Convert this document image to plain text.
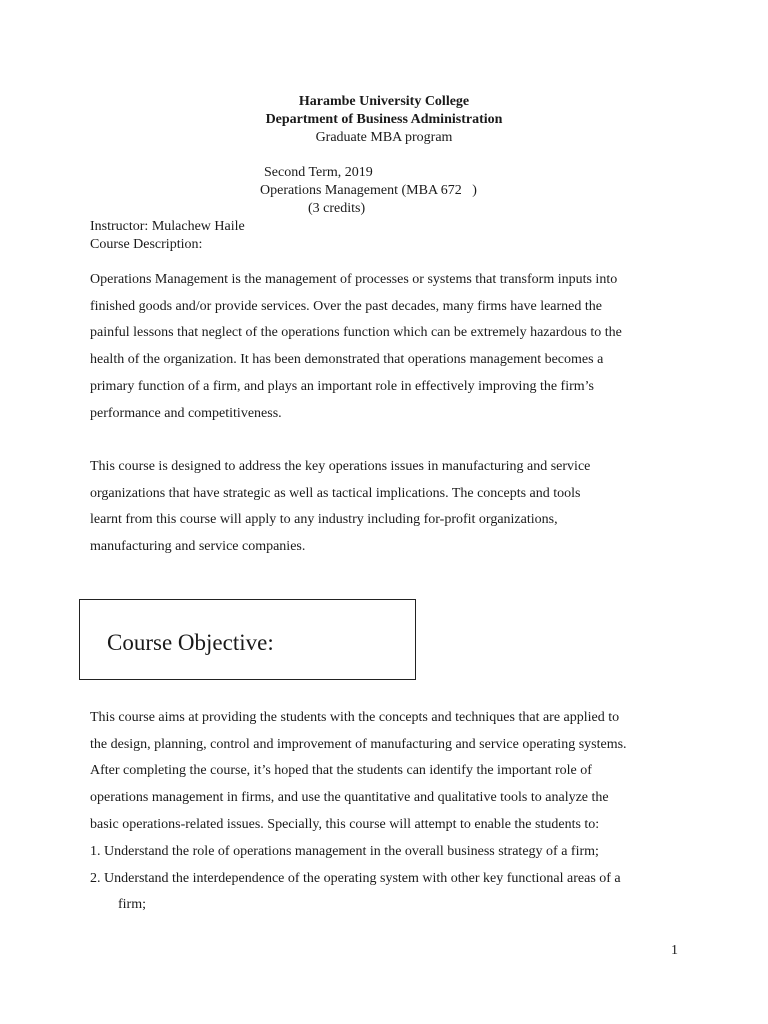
Harambe University College
Department of Business Administration
Graduate MBA program
Second Term, 2019
Operations Management (MBA 672   )
(3 credits)
Instructor: Mulachew Haile
Course Description:
Operations Management is the management of processes or systems that transform inputs into
finished goods and/or provide services. Over the past decades, many firms have learned the
painful lessons that neglect of the operations function which can be extremely hazardous to the
health of the organization. It has been demonstrated that operations management becomes a
primary function of a firm, and plays an important role in effectively improving the firm’s
performance and competitiveness.
This course is designed to address the key operations issues in manufacturing and service
organizations that have strategic as well as tactical implications. The concepts and tools
learnt from this course will apply to any industry including for-profit organizations,
manufacturing and service companies.
Course Objective:
This course aims at providing the students with the concepts and techniques that are applied to
the design, planning, control and improvement of manufacturing and service operating systems.
After completing the course, it’s hoped that the students can identify the important role of
operations management in firms, and use the quantitative and qualitative tools to analyze the
basic operations-related issues. Specially, this course will attempt to enable the students to:
1. Understand the role of operations management in the overall business strategy of a firm;
2. Understand the interdependence of the operating system with other key functional areas of a
firm;
1
